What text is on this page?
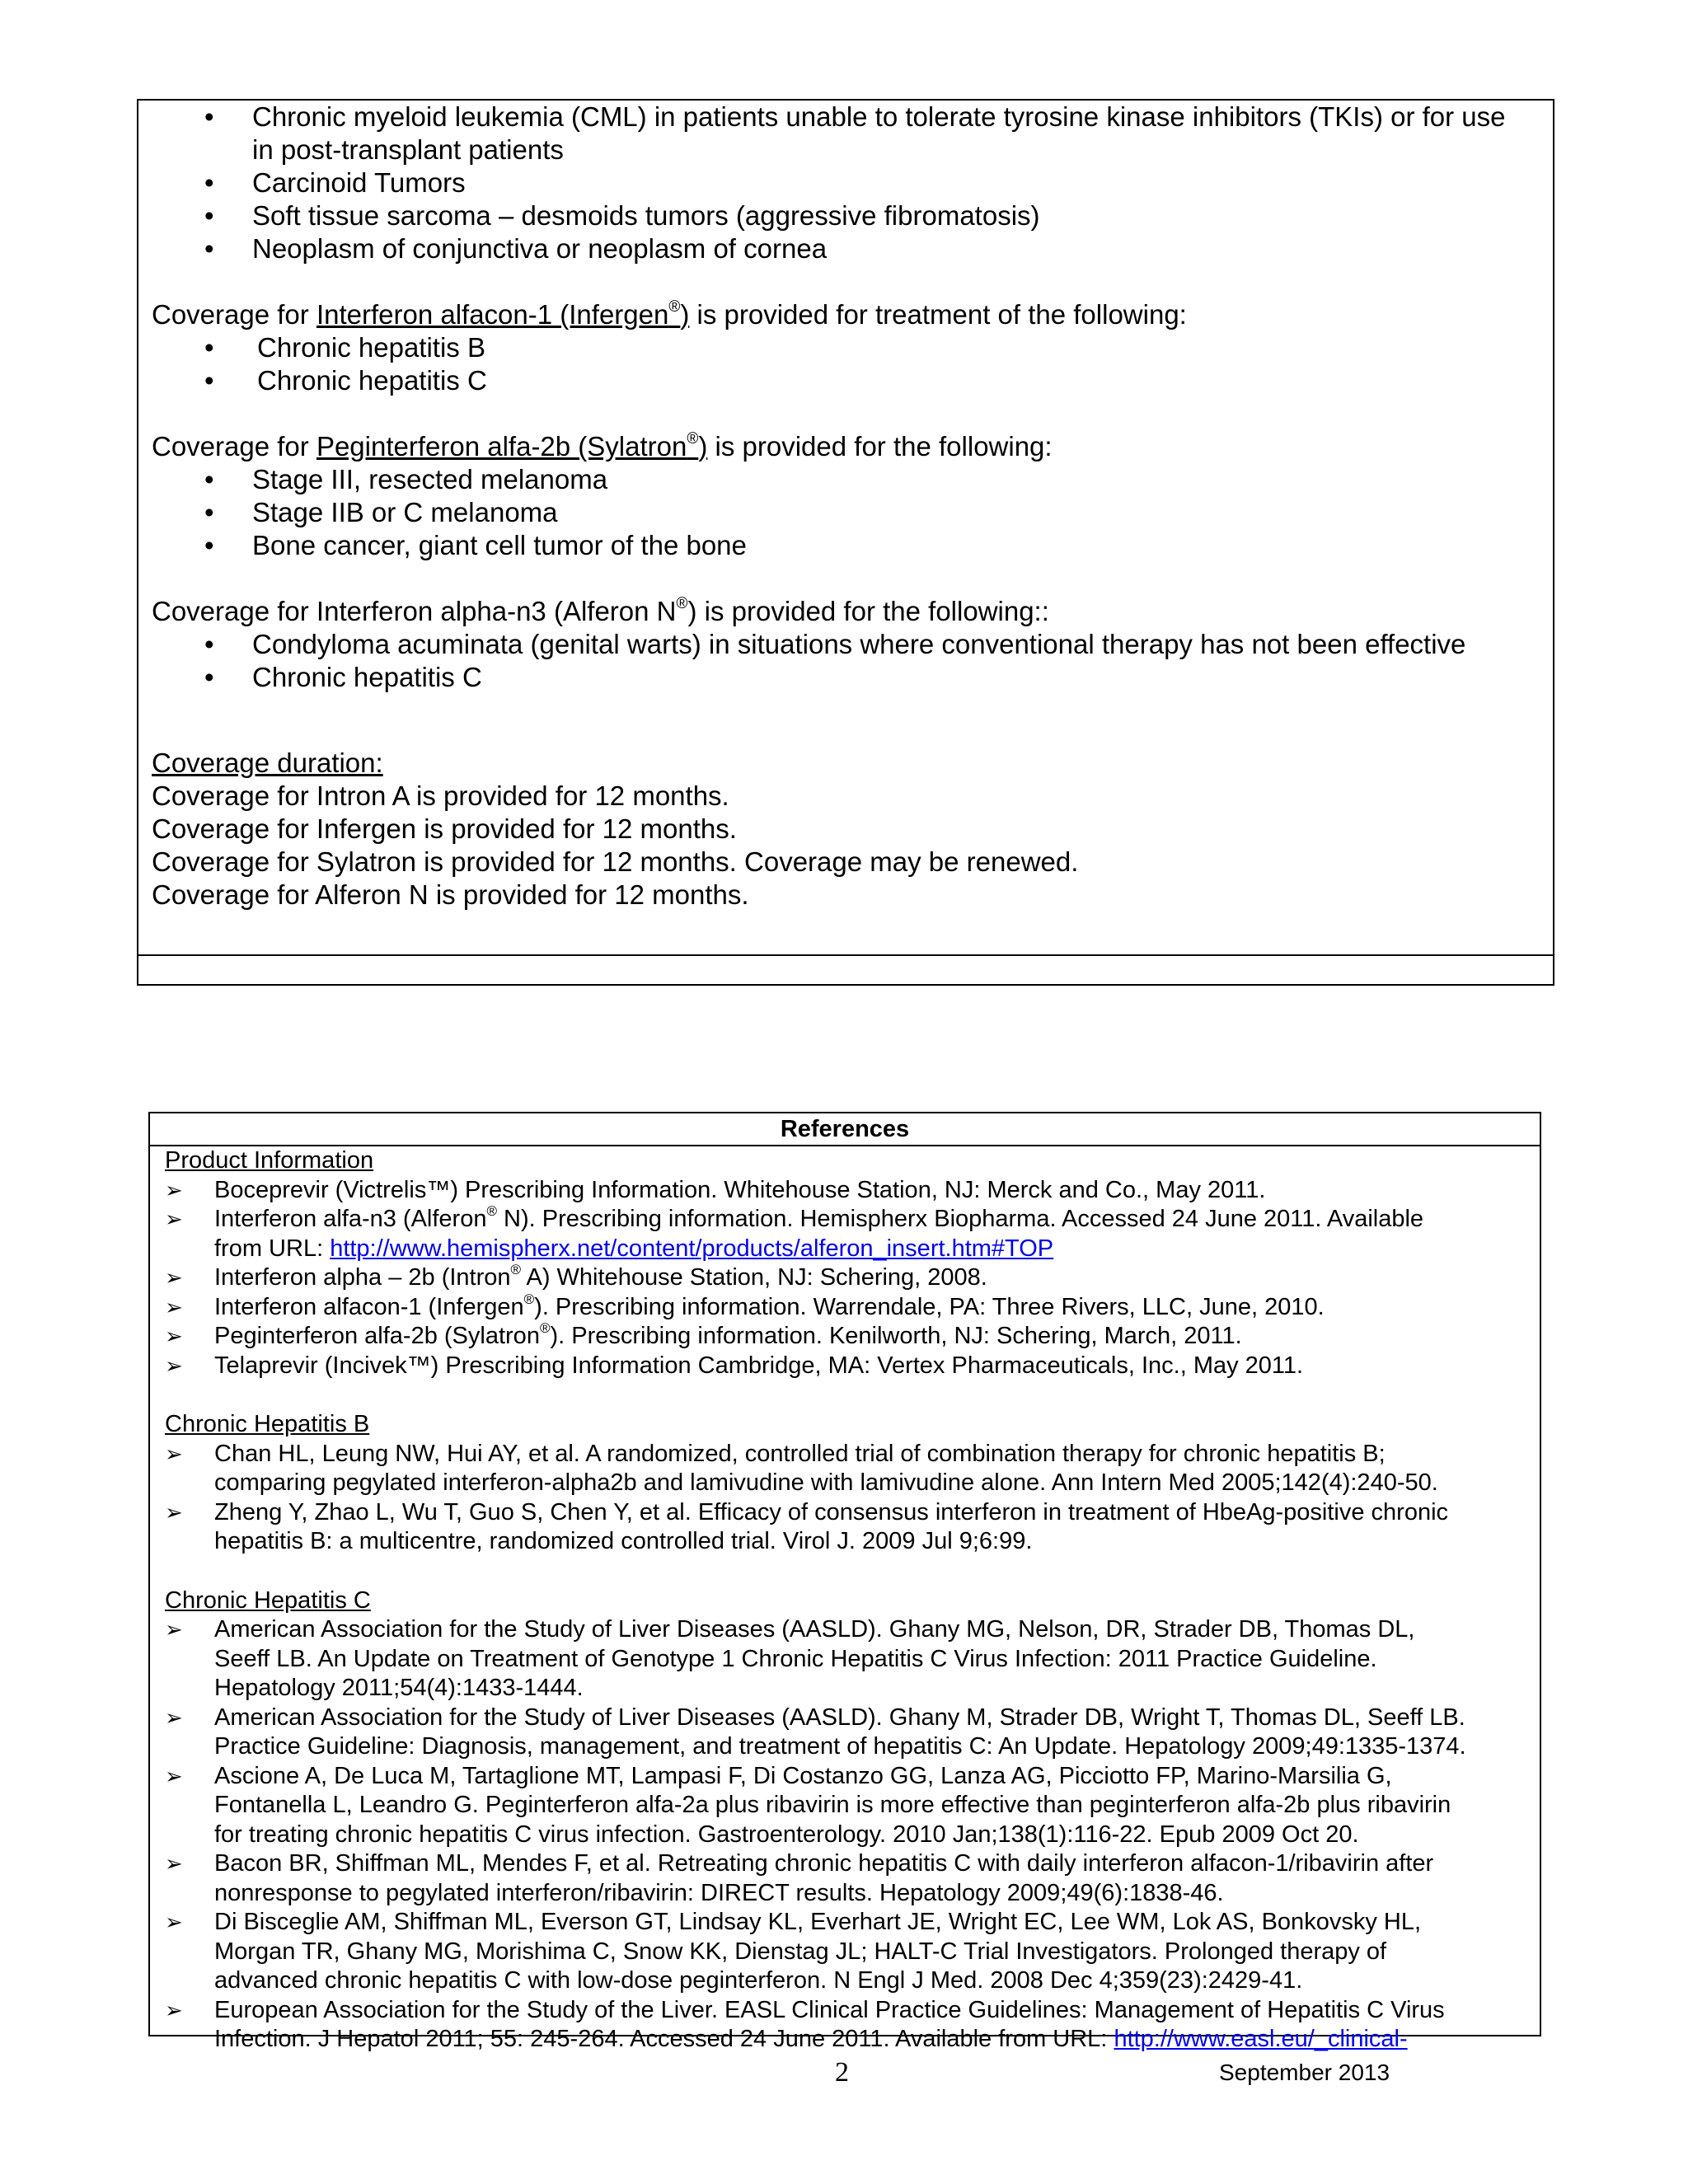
• Chronic myeloid leukemia (CML) in patients unable to tolerate tyrosine kinase inhibitors (TKIs) or for use
in post-transplant patients
• Carcinoid Tumors
• Soft tissue sarcoma – desmoids tumors (aggressive fibromatosis)
• Neoplasm of conjunctiva or neoplasm of cornea

Coverage for Interferon alfacon-1 (Infergen®) is provided for treatment of the following:

• Chronic hepatitis B
• Chronic hepatitis C

Coverage for Peginterferon alfa-2b (Sylatron®) is provided for the following:

• Stage III, resected melanoma
• Stage IIB or C melanoma
• Bone cancer, giant cell tumor of the bone

Coverage for Interferon alpha-n3 (Alferon N®) is provided for the following::

• Condyloma acuminata (genital warts) in situations where conventional therapy has not been effective
• Chronic hepatitis C

Coverage duration:

Coverage for Intron A is provided for 12 months.

Coverage for Infergen is provided for 12 months.

Coverage for Sylatron is provided for 12 months. Coverage may be renewed.

Coverage for Alferon N is provided for 12 months.

References

Product Information

➢ Boceprevir (Victrelis™) Prescribing Information. Whitehouse Station, NJ: Merck and Co., May 2011.
➢ Interferon alfa-n3 (Alferon® N). Prescribing information. Hemispherx Biopharma. Accessed 24 June 2011. Available
from URL: http://www.hemispherx.net/content/products/alferon_insert.htm#TOP
➢ Interferon alpha – 2b (Intron® A) Whitehouse Station, NJ: Schering, 2008.
➢ Interferon alfacon-1 (Infergen®). Prescribing information. Warrendale, PA: Three Rivers, LLC, June, 2010.
➢ Peginterferon alfa-2b (Sylatron®). Prescribing information. Kenilworth, NJ: Schering, March, 2011.
➢ Telaprevir (Incivek™) Prescribing Information Cambridge, MA: Vertex Pharmaceuticals, Inc., May 2011.

Chronic Hepatitis B

➢ Chan HL, Leung NW, Hui AY, et al. A randomized, controlled trial of combination therapy for chronic hepatitis B;
comparing pegylated interferon-alpha2b and lamivudine with lamivudine alone. Ann Intern Med 2005;142(4):240-50.
➢ Zheng Y, Zhao L, Wu T, Guo S, Chen Y, et al. Efficacy of consensus interferon in treatment of HbeAg-positive chronic
hepatitis B: a multicentre, randomized controlled trial. Virol J. 2009 Jul 9;6:99.

Chronic Hepatitis C

➢ American Association for the Study of Liver Diseases (AASLD). Ghany MG, Nelson, DR, Strader DB, Thomas DL,
Seeff LB. An Update on Treatment of Genotype 1 Chronic Hepatitis C Virus Infection: 2011 Practice Guideline.
Hepatology 2011;54(4):1433-1444.
➢ American Association for the Study of Liver Diseases (AASLD). Ghany M, Strader DB, Wright T, Thomas DL, Seeff LB.
Practice Guideline: Diagnosis, management, and treatment of hepatitis C: An Update. Hepatology 2009;49:1335-1374.
➢ Ascione A, De Luca M, Tartaglione MT, Lampasi F, Di Costanzo GG, Lanza AG, Picciotto FP, Marino-Marsilia G,
Fontanella L, Leandro G. Peginterferon alfa-2a plus ribavirin is more effective than peginterferon alfa-2b plus ribavirin
for treating chronic hepatitis C virus infection. Gastroenterology. 2010 Jan;138(1):116-22. Epub 2009 Oct 20.
➢ Bacon BR, Shiffman ML, Mendes F, et al. Retreating chronic hepatitis C with daily interferon alfacon-1/ribavirin after
nonresponse to pegylated interferon/ribavirin: DIRECT results. Hepatology 2009;49(6):1838-46.
➢ Di Bisceglie AM, Shiffman ML, Everson GT, Lindsay KL, Everhart JE, Wright EC, Lee WM, Lok AS, Bonkovsky HL,
Morgan TR, Ghany MG, Morishima C, Snow KK, Dienstag JL; HALT-C Trial Investigators. Prolonged therapy of
advanced chronic hepatitis C with low-dose peginterferon. N Engl J Med. 2008 Dec 4;359(23):2429-41.
➢ European Association for the Study of the Liver. EASL Clinical Practice Guidelines: Management of Hepatitis C Virus
Infection. J Hepatol 2011; 55: 245-264. Accessed 24 June 2011. Available from URL: http://www.easl.eu/_clinical-
2	September 2013
